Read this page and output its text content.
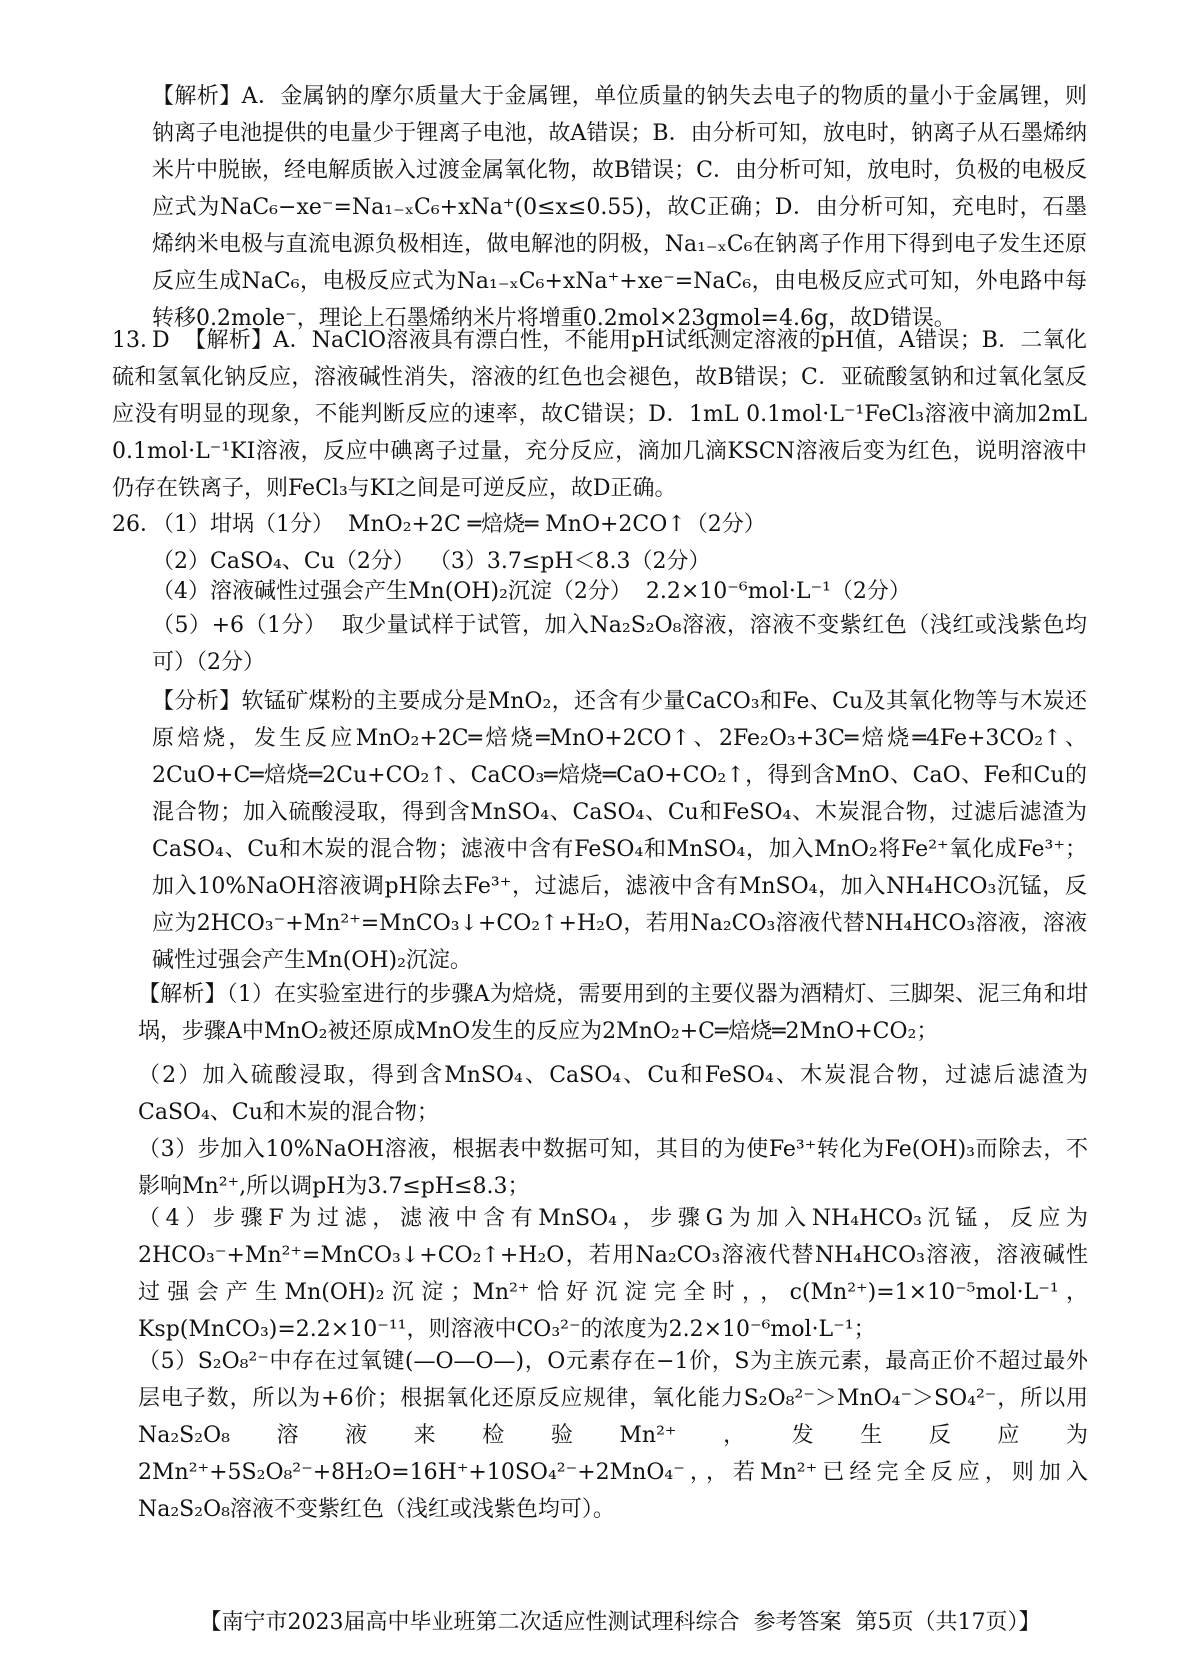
【解析】A．金属钠的摩尔质量大于金属锂，单位质量的钠失去电子的物质的量小于金属锂，则钠离子电池提供的电量少于锂离子电池，故A错误；B．由分析可知，放电时，钠离子从石墨烯纳米片中脱嵌，经电解质嵌入过渡金属氧化物，故B错误；C．由分析可知，放电时，负极的电极反应式为NaC₆−xe⁻=Na₁₋ₓC₆+xNa⁺(0≤x≤0.55)，故C正确；D．由分析可知，充电时，石墨烯纳米电极与直流电源负极相连，做电解池的阴极，Na₁₋ₓC₆在钠离子作用下得到电子发生还原反应生成NaC₆，电极反应式为Na₁₋ₓC₆+xNa⁺+xe⁻=NaC₆，由电极反应式可知，外电路中每转移0.2mole⁻，理论上石墨烯纳米片将增重0.2mol×23gmol=4.6g，故D错误。

13．D  【解析】A．NaClO溶液具有漂白性，不能用pH试纸测定溶液的pH值，A错误；B．二氧化硫和氢氧化钠反应，溶液碱性消失，溶液的红色也会褪色，故B错误；C．亚硫酸氢钠和过氧化氢反应没有明显的现象，不能判断反应的速率，故C错误；D．1mL 0.1mol·L⁻¹FeCl₃溶液中滴加2mL 0.1mol·L⁻¹KI溶液，反应中碘离子过量，充分反应，滴加几滴KSCN溶液后变为红色，说明溶液中仍存在铁离子，则FeCl₃与KI之间是可逆反应，故D正确。

26．（1）坩埚（1分）  MnO₂+2C ═焙烧═ MnO+2CO↑（2分）

（2）CaSO₄、Cu（2分）  （3）3.7≤pH＜8.3（2分）

（4）溶液碱性过强会产生Mn(OH)₂沉淀（2分）  2.2×10⁻⁶mol·L⁻¹（2分）

（5）+6（1分）  取少量试样于试管，加入Na₂S₂O₈溶液，溶液不变紫红色（浅红或浅紫色均可）（2分）

【分析】软锰矿煤粉的主要成分是MnO₂，还含有少量CaCO₃和Fe、Cu及其氧化物等与木炭还原焙烧，发生反应MnO₂+2C═焙烧═MnO+2CO↑、2Fe₂O₃+3C═焙烧═4Fe+3CO₂↑、2CuO+C═焙烧═2Cu+CO₂↑、CaCO₃═焙烧═CaO+CO₂↑，得到含MnO、CaO、Fe和Cu的混合物；加入硫酸浸取，得到含MnSO₄、CaSO₄、Cu和FeSO₄、木炭混合物，过滤后滤渣为CaSO₄、Cu和木炭的混合物；滤液中含有FeSO₄和MnSO₄，加入MnO₂将Fe²⁺氧化成Fe³⁺；加入10%NaOH溶液调pH除去Fe³⁺，过滤后，滤液中含有MnSO₄，加入NH₄HCO₃沉锰，反应为2HCO₃⁻+Mn²⁺=MnCO₃↓+CO₂↑+H₂O，若用Na₂CO₃溶液代替NH₄HCO₃溶液，溶液碱性过强会产生Mn(OH)₂沉淀。

【解析】（1）在实验室进行的步骤A为焙烧，需要用到的主要仪器为酒精灯、三脚架、泥三角和坩埚，步骤A中MnO₂被还原成MnO发生的反应为2MnO₂+C═焙烧═2MnO+CO₂；

（2）加入硫酸浸取，得到含MnSO₄、CaSO₄、Cu和FeSO₄、木炭混合物，过滤后滤渣为CaSO₄、Cu和木炭的混合物；

（3）步加入10%NaOH溶液，根据表中数据可知，其目的为使Fe³⁺转化为Fe(OH)₃而除去，不影响Mn²⁺,所以调pH为3.7≤pH≤8.3；

（4）步骤F为过滤，滤液中含有MnSO₄，步骤G为加入NH₄HCO₃沉锰，反应为2HCO₃⁻+Mn²⁺=MnCO₃↓+CO₂↑+H₂O，若用Na₂CO₃溶液代替NH₄HCO₃溶液，溶液碱性过强会产生Mn(OH)₂沉淀；Mn²⁺恰好沉淀完全时，，c(Mn²⁺)=1×10⁻⁵mol·L⁻¹，Ksp(MnCO₃)=2.2×10⁻¹¹，则溶液中CO₃²⁻的浓度为2.2×10⁻⁶mol·L⁻¹；

（5）S₂O₈²⁻中存在过氧键(—O—O—)，O元素存在−1价，S为主族元素，最高正价不超过最外层电子数，所以为+6价；根据氧化还原反应规律，氧化能力S₂O₈²⁻＞MnO₄⁻＞SO₄²⁻，所以用Na₂S₂O₈溶液来检验Mn²⁺，发生反应为2Mn²⁺+5S₂O₈²⁻+8H₂O=16H⁺+10SO₄²⁻+2MnO₄⁻，，若Mn²⁺已经完全反应，则加入Na₂S₂O₈溶液不变紫红色（浅红或浅紫色均可）。

【南宁市2023届高中毕业班第二次适应性测试理科综合  参考答案  第5页（共17页）】
